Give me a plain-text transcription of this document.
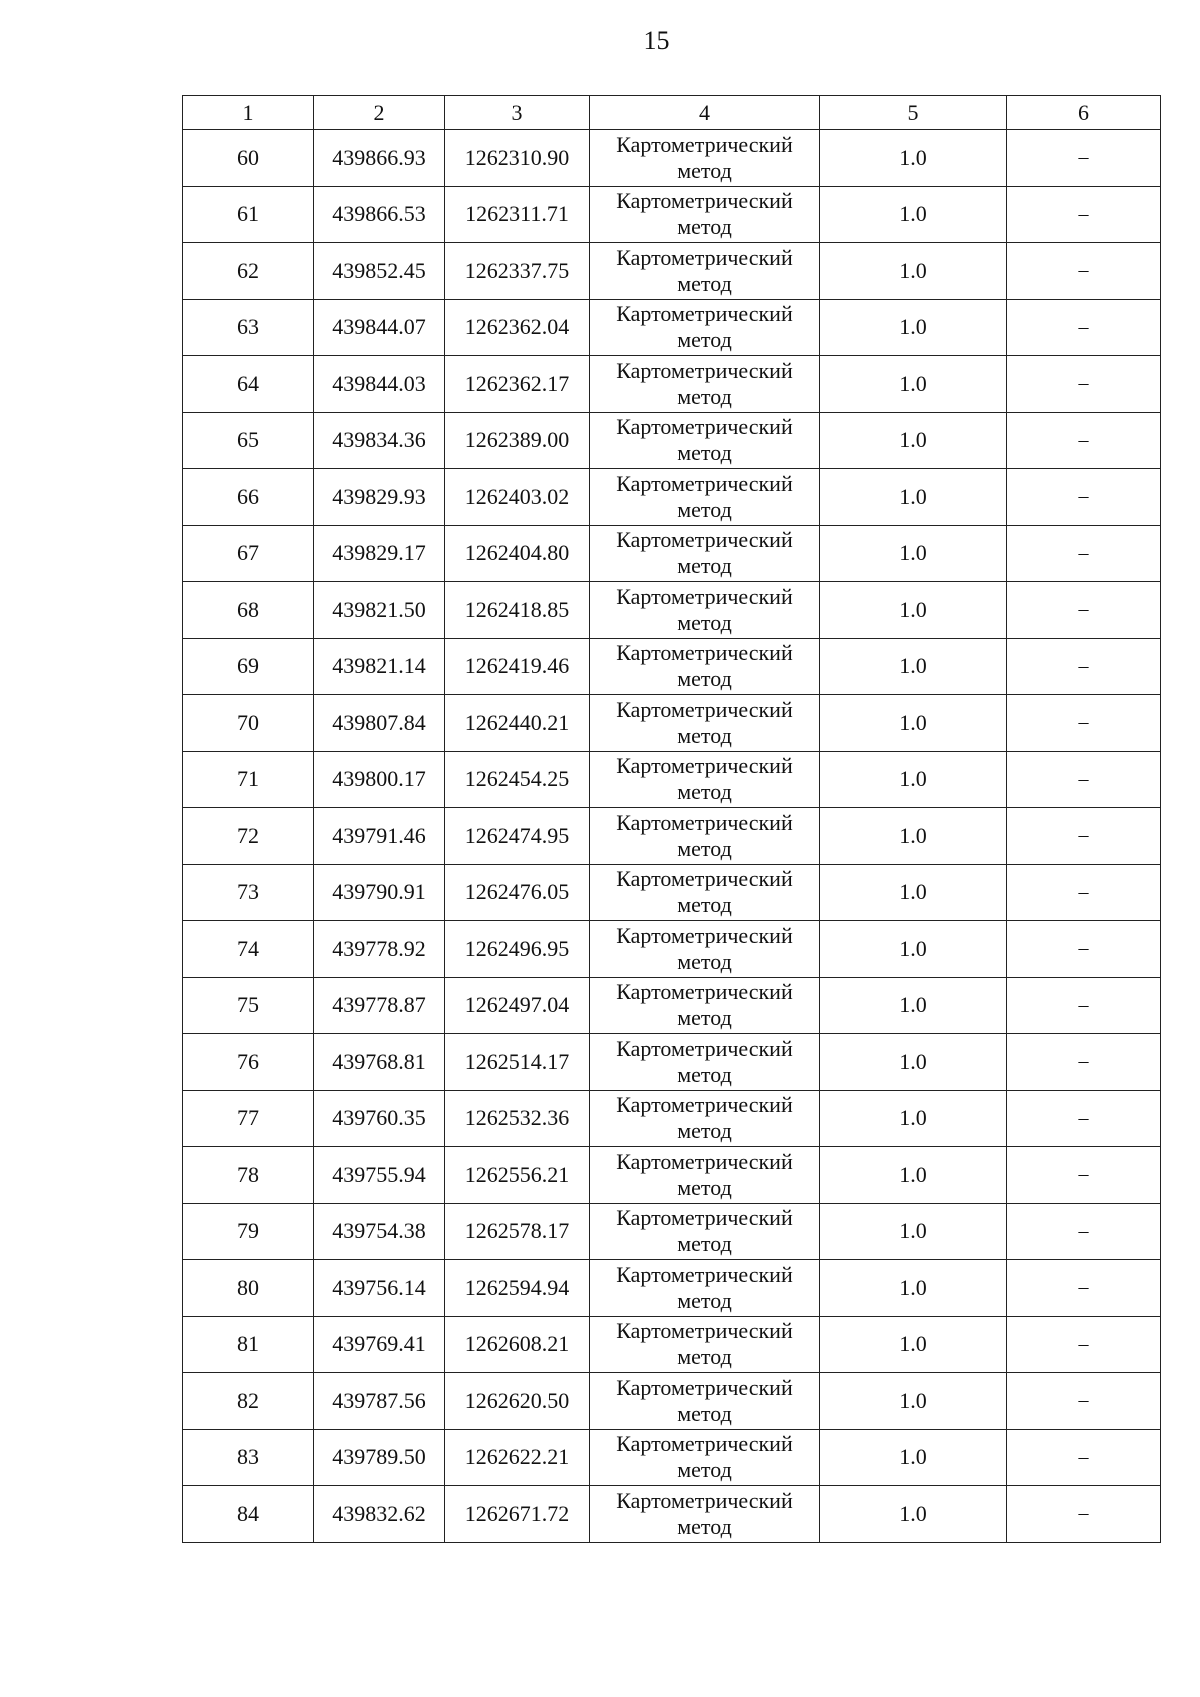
15
1	2	3	4	5	6
60	439866.93	1262310.90	Картометрический метод	1.0	–
61	439866.53	1262311.71	Картометрический метод	1.0	–
62	439852.45	1262337.75	Картометрический метод	1.0	–
63	439844.07	1262362.04	Картометрический метод	1.0	–
64	439844.03	1262362.17	Картометрический метод	1.0	–
65	439834.36	1262389.00	Картометрический метод	1.0	–
66	439829.93	1262403.02	Картометрический метод	1.0	–
67	439829.17	1262404.80	Картометрический метод	1.0	–
68	439821.50	1262418.85	Картометрический метод	1.0	–
69	439821.14	1262419.46	Картометрический метод	1.0	–
70	439807.84	1262440.21	Картометрический метод	1.0	–
71	439800.17	1262454.25	Картометрический метод	1.0	–
72	439791.46	1262474.95	Картометрический метод	1.0	–
73	439790.91	1262476.05	Картометрический метод	1.0	–
74	439778.92	1262496.95	Картометрический метод	1.0	–
75	439778.87	1262497.04	Картометрический метод	1.0	–
76	439768.81	1262514.17	Картометрический метод	1.0	–
77	439760.35	1262532.36	Картометрический метод	1.0	–
78	439755.94	1262556.21	Картометрический метод	1.0	–
79	439754.38	1262578.17	Картометрический метод	1.0	–
80	439756.14	1262594.94	Картометрический метод	1.0	–
81	439769.41	1262608.21	Картометрический метод	1.0	–
82	439787.56	1262620.50	Картометрический метод	1.0	–
83	439789.50	1262622.21	Картометрический метод	1.0	–
84	439832.62	1262671.72	Картометрический метод	1.0	–
